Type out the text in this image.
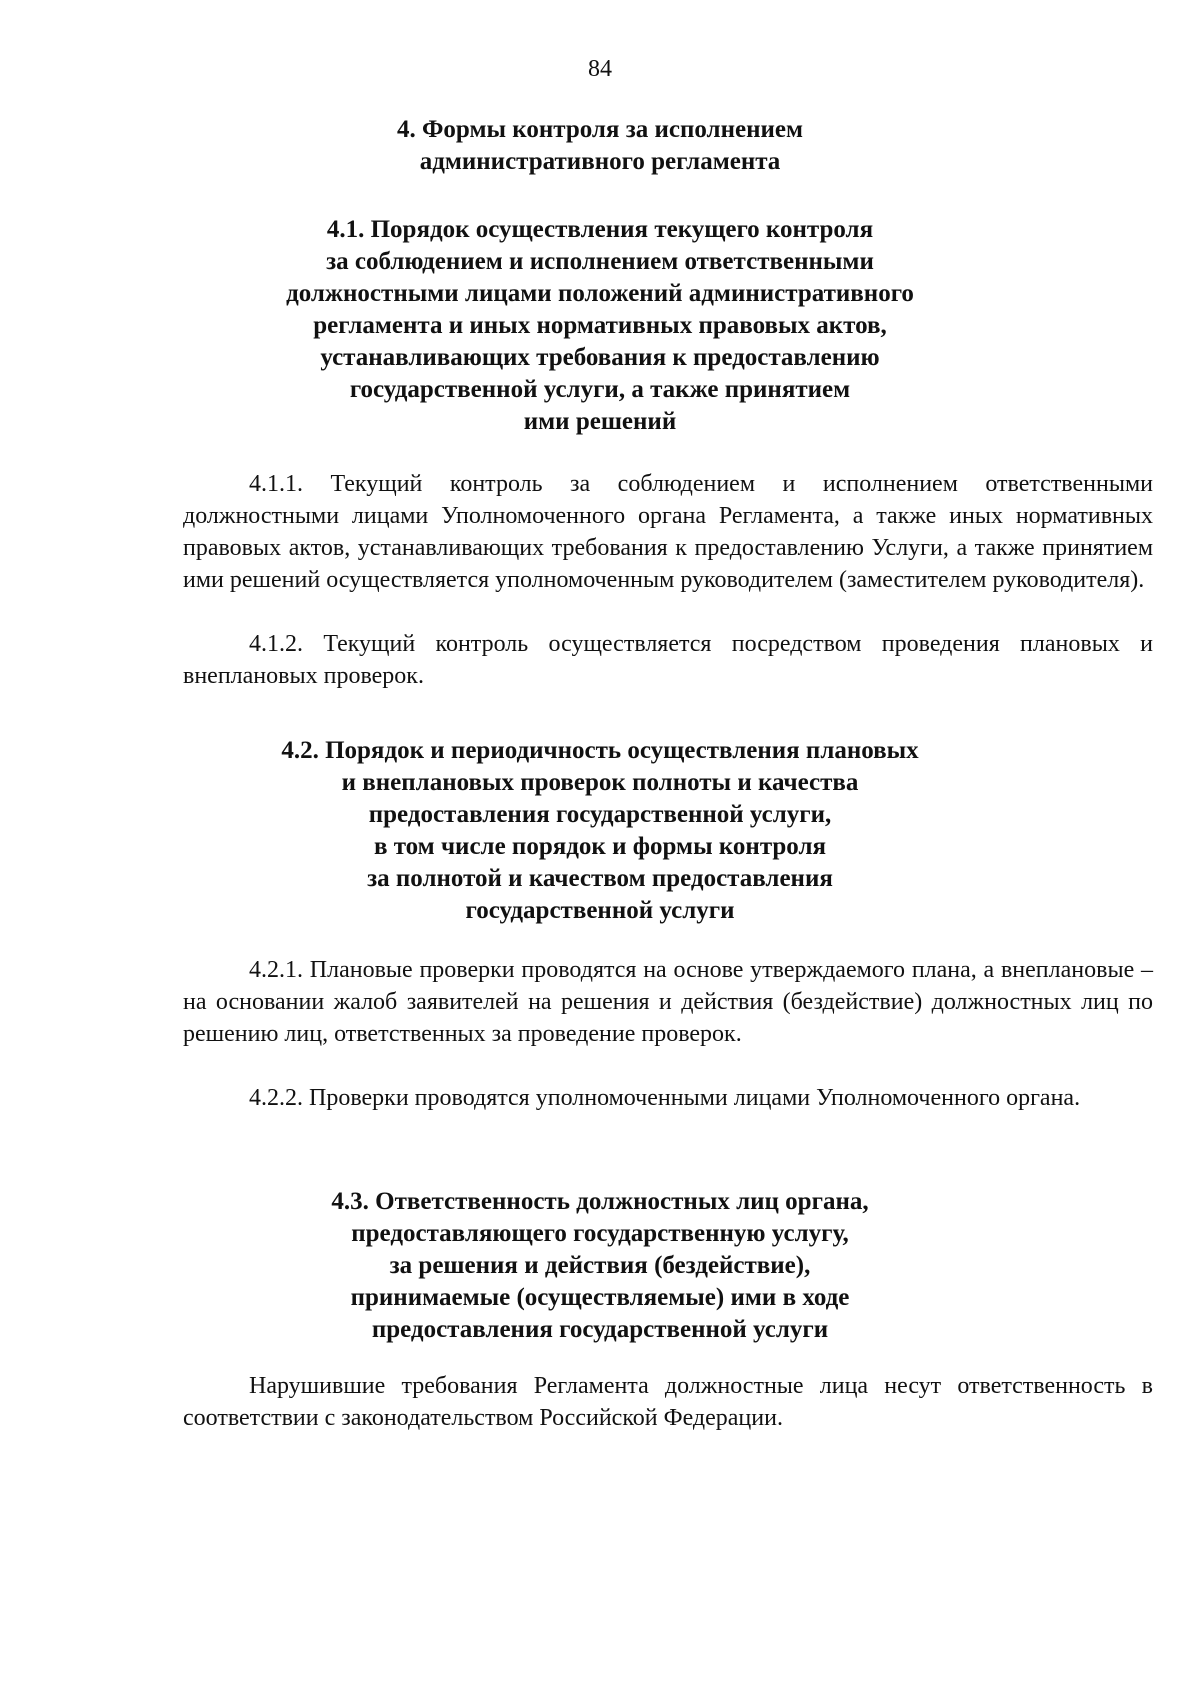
84
4. Формы контроля за исполнением
административного регламента
4.1. Порядок осуществления текущего контроля
за соблюдением и исполнением ответственными
должностными лицами положений административного
регламента и иных нормативных правовых актов,
устанавливающих требования к предоставлению
государственной услуги, а также принятием
ими решений
4.1.1. Текущий контроль за соблюдением и исполнением ответственными должностными лицами Уполномоченного органа Регламента, а также иных нормативных правовых актов, устанавливающих требования к предоставлению Услуги, а также принятием ими решений осуществляется уполномоченным руководителем (заместителем руководителя).
4.1.2. Текущий контроль осуществляется посредством проведения плановых и внеплановых проверок.
4.2. Порядок и периодичность осуществления плановых
и внеплановых проверок полноты и качества
предоставления государственной услуги,
в том числе порядок и формы контроля
за полнотой и качеством предоставления
государственной услуги
4.2.1. Плановые проверки проводятся на основе утверждаемого плана, а внеплановые – на основании жалоб заявителей на решения и действия (бездействие) должностных лиц по решению лиц, ответственных за проведение проверок.
4.2.2. Проверки проводятся уполномоченными лицами Уполномоченного органа.
4.3. Ответственность должностных лиц органа,
предоставляющего государственную услугу,
за решения и действия (бездействие),
принимаемые (осуществляемые) ими в ходе
предоставления государственной услуги
Нарушившие требования Регламента должностные лица несут ответственность в соответствии с законодательством Российской Федерации.
